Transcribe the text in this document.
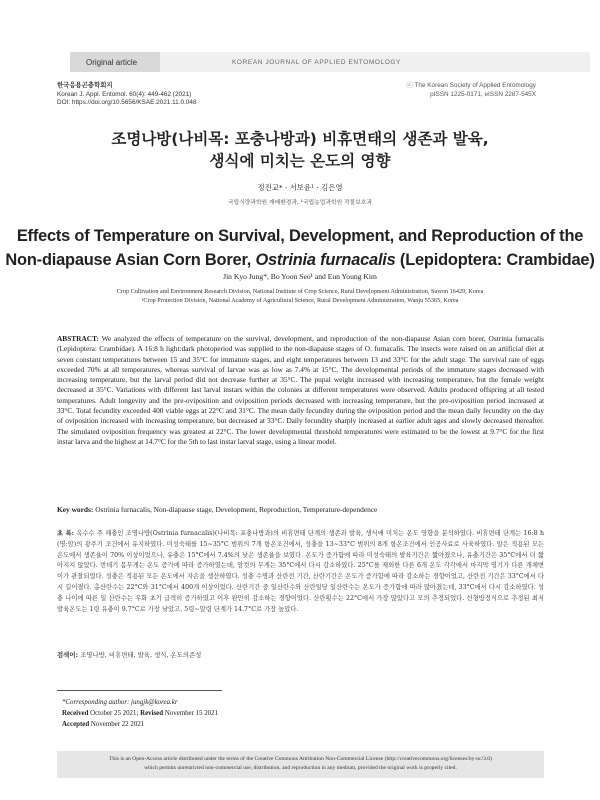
Original article	KOREAN JOURNAL OF APPLIED ENTOMOLOGY
한국응용곤충학회지
Korean J. Appl. Entomol. 60(4): 449-462 (2021)
DOI: https://doi.org/10.5656/KSAE.2021.11.0.048
ⓒ The Korean Society of Applied Entomology
pISSN 1225-0171, eISSN 2287-545X
조명나방(나비목: 포충나방과) 비휴면태의 생존과 발육,
생식에 미치는 온도의 영향
정진교* · 서보윤¹ · 김은영
국립식량과학원 재배환경과, ¹국립농업과학원 작물보호과
Effects of Temperature on Survival, Development, and Reproduction of the
Non-diapause Asian Corn Borer, Ostrinia furnacalis (Lepidoptera: Crambidae)
Jin Kyo Jung*, Bo Yoon Seo¹ and Eun Young Kim
Crop Cultivation and Environment Research Division, National Institute of Crop Science, Rural Development Administration, Suwon 16429, Korea
¹Crop Protection Division, National Academy of Agricultural Science, Rural Development Administration, Wanju 55365, Korea
ABSTRACT: We analyzed the effects of temperature on the survival, development, and reproduction of the non-diapause Asian corn borer, Ostrinia furnacalis (Lepidoptera: Crambidae). A 16:8 h light:dark photoperiod was supplied to the non-diapause stages of O. furnacalis. The insects were raised on an artificial diet at seven constant temperatures between 15 and 35°C for immature stages, and eight temperatures between 13 and 33°C for the adult stage. The survival rate of eggs exceeded 70% at all temperatures, whereas survival of larvae was as low as 7.4% at 15°C. The developmental periods of the immature stages decreased with increasing temperature, but the larval period did not decrease further at 35°C. The pupal weight increased with increasing temperature, but the female weight decreased at 35°C. Variations with different last larval instars within the colonies at different temperatures were observed. Adults produced offspring at all tested temperatures. Adult longevity and the pre-oviposition and oviposition periods decreased with increasing temperature, but the pre-oviposition period increased at 33°C. Total fecundity exceeded 400 viable eggs at 22°C and 31°C. The mean daily fecundity during the oviposition period and the mean daily fecundity on the day of oviposition increased with increasing temperature, but decreased at 33°C. Daily fecundity sharply increased at earlier adult ages and slowly decreased thereafter. The simulated oviposition frequency was greatest at 22°C. The lower developmental threshold temperatures were estimated to be the lowest at 9.7°C for the first instar larva and the highest at 14.7°C for the 5th to last instar larval stage, using a linear model.
Key words: Ostrinia furnacalis, Non-diapause stage, Development, Reproduction, Temperature-dependence
초 록: 옥수수 주 해충인 조명나방(Ostrinia furnacalis)(나비목: 포충나방과)의 비휴면태 단계의 생존과 발육, 생식에 미치는 온도 영향을 분석하였다. 비휴면태 단계는 16:8 h (명:암)의 광주기 조건에서 유지하였다. 미성숙태를 15~35°C 범위의 7개 항온조건에서, 성충을 13~33°C 범위의 8개 항온조건에서 인공사료로 사육하였다. 알은 적용된 모든 온도에서 생존율이 70% 이상이었으나, 유충은 15°C에서 7.4%의 낮은 생존율을 보였다. 온도가 증가함에 따라 미성숙태의 발육기간은 짧아졌으나, 유충기간은 35°C에서 더 짧아지지 않았다. 번데기 몸무게는 온도 증가에 따라 증가하였는데, 암컷의 무게는 35°C에서 다시 감소하였다. 25°C를 제외한 다른 6개 온도 각각에서 마지막 영기가 다른 개체변이가 관찰되었다. 성충은 적용된 모든 온도에서 자손을 생산하였다. 성충 수명과 산란전 기간, 산란기간은 온도가 증가함에 따라 감소하는 경향이었고, 산란전 기간은 33°C에서 다시 길어졌다. 총산란수는 22°C와 31°C에서 400개 이상이었다. 산란기간 중 일산란수와 산란일당 일산란수는 온도가 증가함에 따라 많아졌는데, 33°C에서 다시 감소하였다. 성충 나이에 따른 일 산란수는 우화 초기 급격히 증가하였고 이후 완만히 감소하는 경향이었다. 산란횟수는 22°C에서 가장 많았다고 모의 추정되었다. 선형방정식으로 추정된 최저발육온도는 1령 유충이 9.7°C로 가장 낮았고, 5령~말령 단계가 14.7°C로 가장 높았다.
검색어: 조명나방, 비휴면태, 발육, 생식, 온도의존성
*Corresponding author: jungjk@korea.kr
Received October 25 2021; Revised November 15 2021
Accepted November 22 2021
This is an Open-Access article distributed under the terms of the Creative Commons Attribution Non-Commercial License (http://creativecommons.org/licenses/by-nc/3.0)
which permits unrestricted non-commercial use, distribution, and reproduction in any medium, provided the original work is properly cited.
